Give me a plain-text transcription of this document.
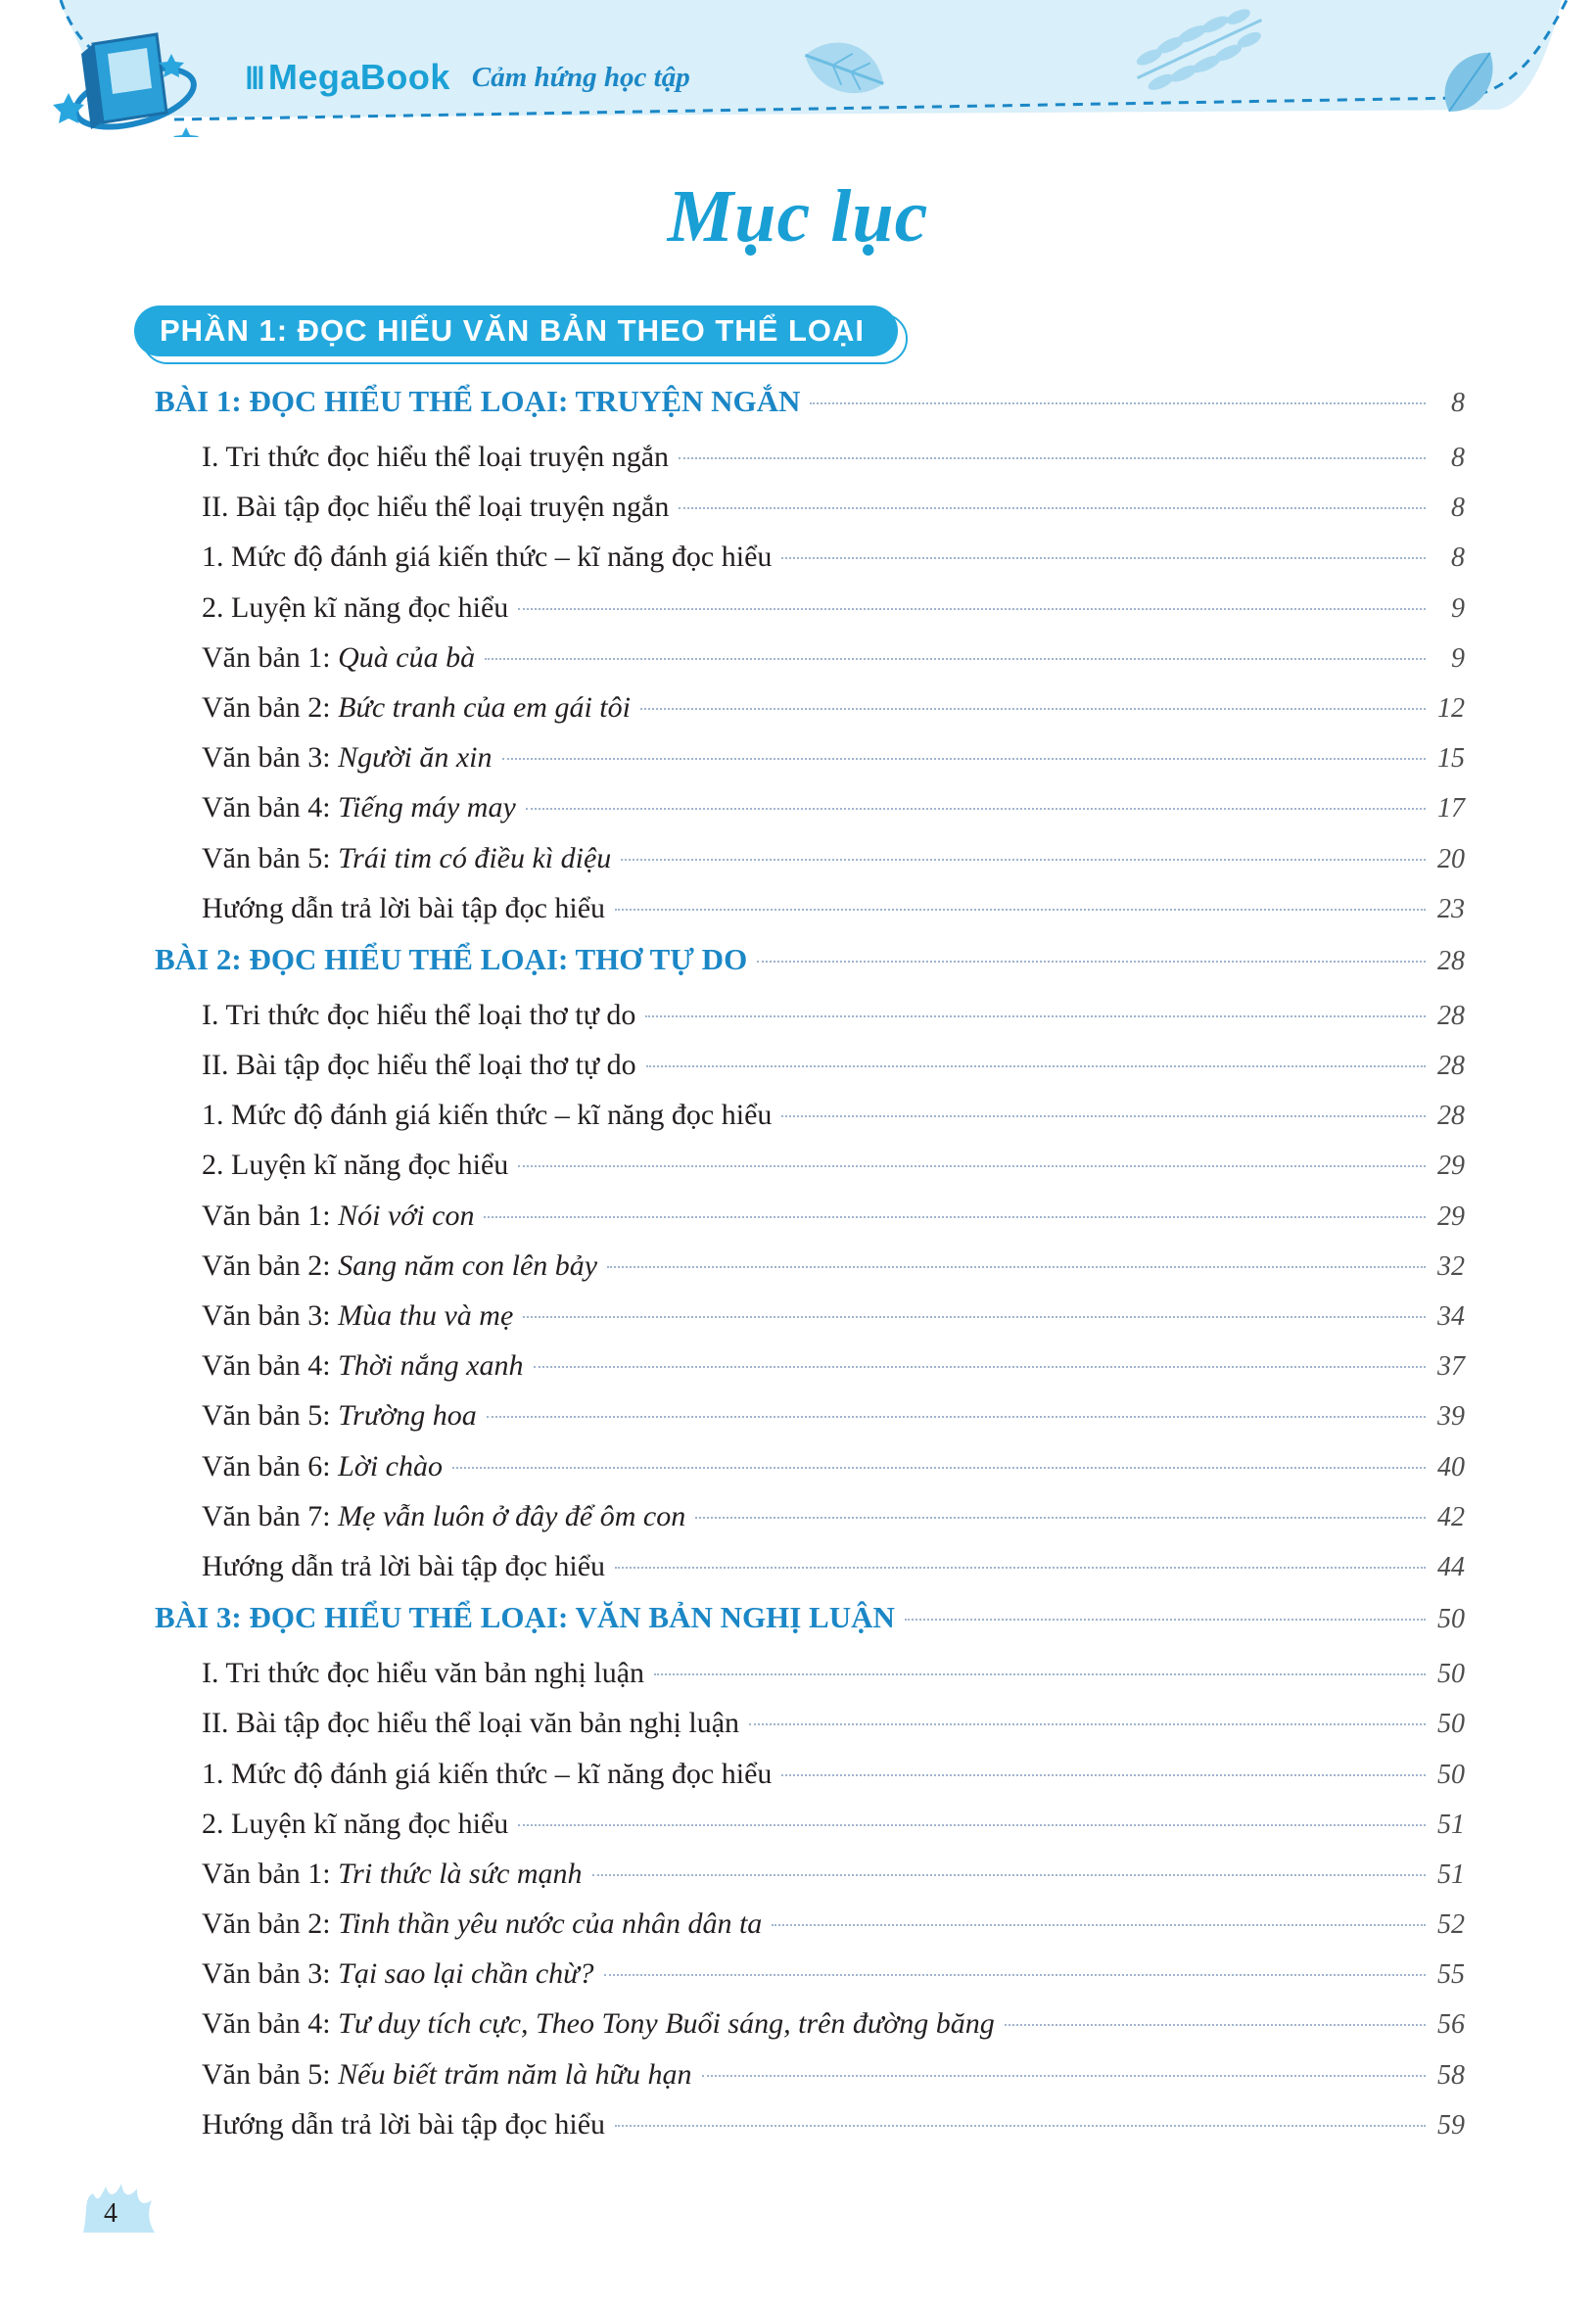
ǀǀǀ MegaBook Cảm hứng học tập
Mục lục
PHẦN 1: ĐỌC HIỂU VĂN BẢN THEO THỂ LOẠI
BÀI 1: ĐỌC HIỂU THỂ LOẠI: TRUYỆN NGẮN	8
I. Tri thức đọc hiểu thể loại truyện ngắn	8
II. Bài tập đọc hiểu thể loại truyện ngắn	8
1. Mức độ đánh giá kiến thức – kĩ năng đọc hiểu	8
2. Luyện kĩ năng đọc hiểu	9
Văn bản 1: Quà của bà	9
Văn bản 2: Bức tranh của em gái tôi	12
Văn bản 3: Người ăn xin	15
Văn bản 4: Tiếng máy may	17
Văn bản 5: Trái tim có điều kì diệu	20
Hướng dẫn trả lời bài tập đọc hiểu	23
BÀI 2: ĐỌC HIỂU THỂ LOẠI: THƠ TỰ DO	28
I. Tri thức đọc hiểu thể loại thơ tự do	28
II. Bài tập đọc hiểu thể loại thơ tự do	28
1. Mức độ đánh giá kiến thức – kĩ năng đọc hiểu	28
2. Luyện kĩ năng đọc hiểu	29
Văn bản 1: Nói với con	29
Văn bản 2: Sang năm con lên bảy	32
Văn bản 3: Mùa thu và mẹ	34
Văn bản 4: Thời nắng xanh	37
Văn bản 5: Trường hoa	39
Văn bản 6: Lời chào	40
Văn bản 7: Mẹ vẫn luôn ở đây để ôm con	42
Hướng dẫn trả lời bài tập đọc hiểu	44
BÀI 3: ĐỌC HIỂU THỂ LOẠI: VĂN BẢN NGHỊ LUẬN	50
I. Tri thức đọc hiểu văn bản nghị luận	50
II. Bài tập đọc hiểu thể loại văn bản nghị luận	50
1. Mức độ đánh giá kiến thức – kĩ năng đọc hiểu	50
2. Luyện kĩ năng đọc hiểu	51
Văn bản 1: Tri thức là sức mạnh	51
Văn bản 2: Tinh thần yêu nước của nhân dân ta	52
Văn bản 3: Tại sao lại chần chừ?	55
Văn bản 4: Tư duy tích cực, Theo Tony Buổi sáng, trên đường băng	56
Văn bản 5: Nếu biết trăm năm là hữu hạn	58
Hướng dẫn trả lời bài tập đọc hiểu	59
4
